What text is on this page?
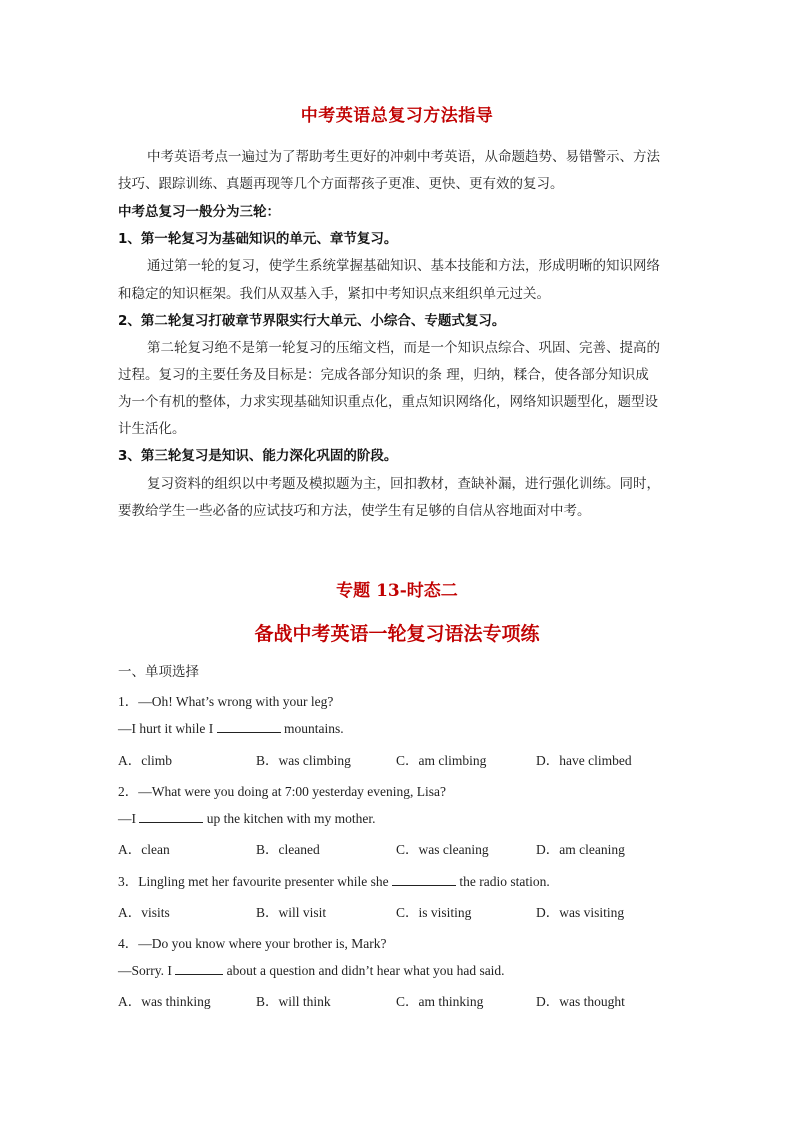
中考英语总复习方法指导
中考英语考点一遍过为了帮助考生更好的冲刺中考英语，从命题趋势、易错警示、方法
技巧、跟踪训练、真题再现等几个方面帮孩子更准、更快、更有效的复习。
中考总复习一般分为三轮：
1、第一轮复习为基础知识的单元、章节复习。
通过第一轮的复习，使学生系统掌握基础知识、基本技能和方法，形成明晰的知识网络
和稳定的知识框架。我们从双基入手，紧扣中考知识点来组织单元过关。
2、第二轮复习打破章节界限实行大单元、小综合、专题式复习。
第二轮复习绝不是第一轮复习的压缩文档，而是一个知识点综合、巩固、完善、提高的
过程。复习的主要任务及目标是：完成各部分知识的条 理，归纳，糅合，使各部分知识成
为一个有机的整体，力求实现基础知识重点化，重点知识网络化，网络知识题型化，题型设
计生活化。
3、第三轮复习是知识、能力深化巩固的阶段。
复习资料的组织以中考题及模拟题为主，回扣教材，查缺补漏，进行强化训练。同时，
要教给学生一些必备的应试技巧和方法，使学生有足够的自信从容地面对中考。
专题 13-时态二
备战中考英语一轮复习语法专项练
一、单项选择
1．—Oh! What’s wrong with your leg?
—I hurt it while I	mountains.
A．climb	B．was climbing	C．am climbing	D．have climbed
2．—What were you doing at 7:00 yesterday evening, Lisa?
—I	up the kitchen with my mother.
A．clean	B．cleaned	C．was cleaning	D．am cleaning
3．Lingling met her favourite presenter while she	the radio station.
A．visits	B．will visit	C．is visiting	D．was visiting
4．—Do you know where your brother is, Mark?
—Sorry. I	about a question and didn’t hear what you had said.
A．was thinking	B．will think	C．am thinking	D．was thought
